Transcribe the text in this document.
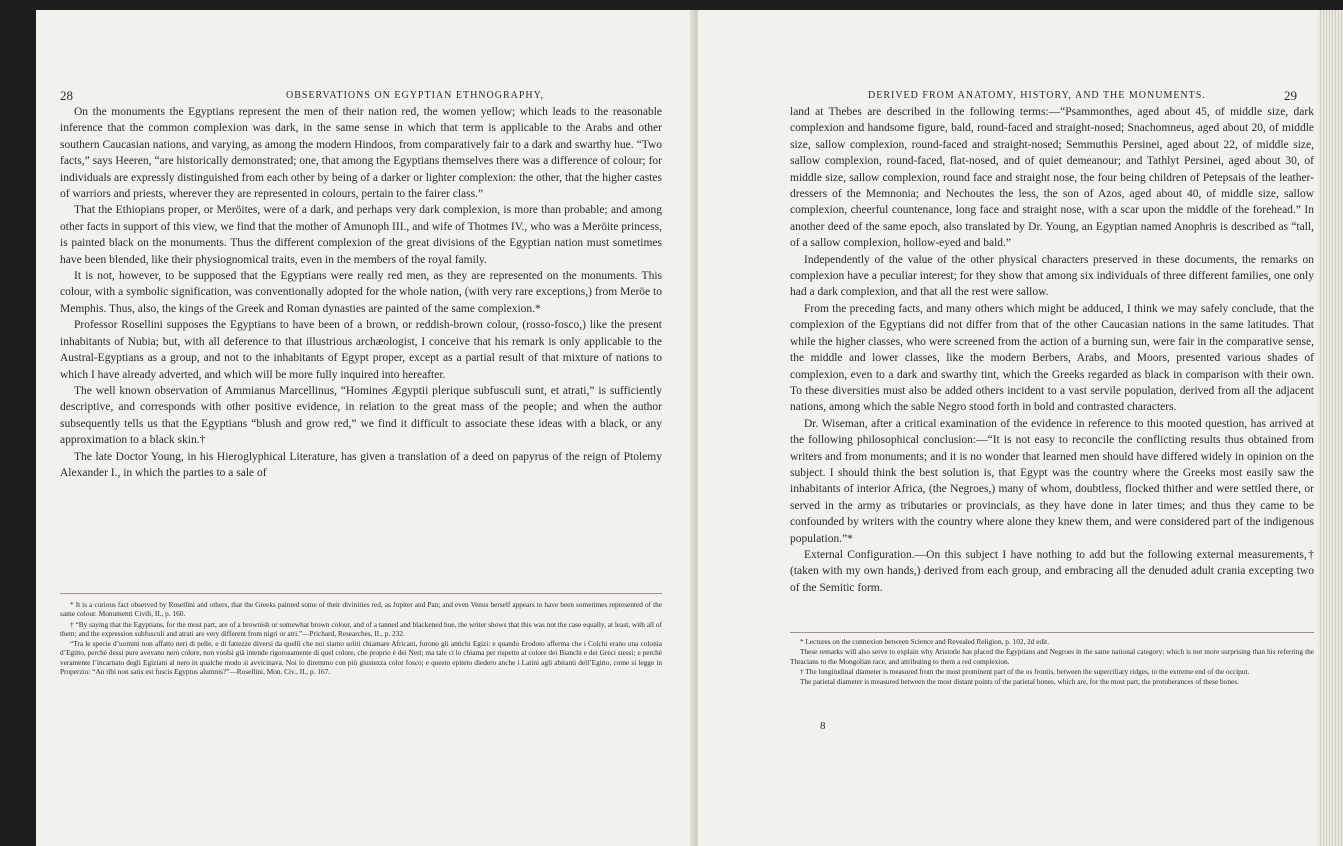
28	OBSERVATIONS ON EGYPTIAN ETHNOGRAPHY,

On the monuments the Egyptians represent the men of their nation red, the women yellow; which leads to the reasonable inference that the common complexion was dark, in the same sense in which that term is applicable to the Arabs and other southern Caucasian nations, and varying, as among the modern Hindoos, from comparatively fair to a dark and swarthy hue. “Two facts,” says Heeren, “are historically demonstrated; one, that among the Egyptians themselves there was a difference of colour; for individuals are expressly distinguished from each other by being of a darker or lighter complexion: the other, that the higher castes of warriors and priests, wherever they are represented in colours, pertain to the fairer class.”

That the Ethiopians proper, or Meröites, were of a dark, and perhaps very dark complexion, is more than probable; and among other facts in support of this view, we find that the mother of Amunoph III., and wife of Thotmes IV., who was a Meröite princess, is painted black on the monuments. Thus the different complexion of the great divisions of the Egyptian nation must sometimes have been blended, like their physiognomical traits, even in the members of the royal family.

It is not, however, to be supposed that the Egyptians were really red men, as they are represented on the monuments. This colour, with a symbolic signification, was conventionally adopted for the whole nation, (with very rare exceptions,) from Meröe to Memphis. Thus, also, the kings of the Greek and Roman dynasties are painted of the same complexion.*

Professor Rosellini supposes the Egyptians to have been of a brown, or reddish-brown colour, (rosso-fosco,) like the present inhabitants of Nubia; but, with all deference to that illustrious archæologist, I conceive that his remark is only applicable to the Austral-Egyptians as a group, and not to the inhabitants of Egypt proper, except as a partial result of that mixture of nations to which I have already adverted, and which will be more fully inquired into hereafter.

The well known observation of Ammianus Marcellinus, “Homines Ægyptii plerique subfusculi sunt, et atrati,” is sufficiently descriptive, and corresponds with other positive evidence, in relation to the great mass of the people; and when the author subsequently tells us that the Egyptians “blush and grow red,” we find it difficult to associate these ideas with a black, or any approximation to a black skin.†

The late Doctor Young, in his Hieroglyphical Literature, has given a translation of a deed on papyrus of the reign of Ptolemy Alexander I., in which the parties to a sale of

* It is a curious fact observed by Rosellini and others, that the Greeks painted some of their divinities red, as Jupiter and Pan; and even Venus herself appears to have been sometimes represented of the same colour. Monumenti Civili, II., p. 160.

† “By saying that the Egyptians, for the most part, are of a brownish or somewhat brown colour, and of a tanned and blackened hue, the writer shows that this was not the case equally, at least, with all of them; and the expression subfusculi and atrati are very different from nigri or atri.”—Prichard, Researches, II., p. 232.

“Tra le specie d’uomini non affatto neri di pelle, e di fattezze diversi da quelli che noi siamo soliti chiamare Africani, furono gli antichi Egizi: e quando Erodoto afferma che i Colchi erano una colonia d’Egitto, perchè dessi pure avevano nero colore, non voolsi già intende rigorosamente di quel colore, che proprio è dei Neri; ma tale ci lo chiama per rispetto al colore dei Bianchi e dei Greci stessi; e perchè veramente l’incarnato degli Egiziani al nero in qualche modo si avvicinava. Noi lo diremmo con più giustezza color fosco; e questo epiteto diedero anche i Latini agli abitanti dell’Egitto, come si legge in Properzio: “An tibi non satis est fuscis Egyptus alumnis?”—Rosellini, Mon. Civ., II., p. 167.

DERIVED FROM ANATOMY, HISTORY, AND THE MONUMENTS.	29

land at Thebes are described in the following terms:—“Psammonthes, aged about 45, of middle size, dark complexion and handsome figure, bald, round-faced and straight-nosed; Snachomneus, aged about 20, of middle size, sallow complexion, round-faced and straight-nosed; Semmuthis Persinei, aged about 22, of middle size, sallow complexion, round-faced, flat-nosed, and of quiet demeanour; and Tathlyt Persinei, aged about 30, of middle size, sallow complexion, round face and straight nose, the four being children of Petepsais of the leather-dressers of the Memnonia; and Nechoutes the less, the son of Azos, aged about 40, of middle size, sallow complexion, cheerful countenance, long face and straight nose, with a scar upon the middle of the forehead.” In another deed of the same epoch, also translated by Dr. Young, an Egyptian named Anophris is described as “tall, of a sallow complexion, hollow-eyed and bald.”

Independently of the value of the other physical characters preserved in these documents, the remarks on complexion have a peculiar interest; for they show that among six individuals of three different families, one only had a dark complexion, and that all the rest were sallow.

From the preceding facts, and many others which might be adduced, I think we may safely conclude, that the complexion of the Egyptians did not differ from that of the other Caucasian nations in the same latitudes. That while the higher classes, who were screened from the action of a burning sun, were fair in the comparative sense, the middle and lower classes, like the modern Berbers, Arabs, and Moors, presented various shades of complexion, even to a dark and swarthy tint, which the Greeks regarded as black in comparison with their own. To these diversities must also be added others incident to a vast servile population, derived from all the adjacent nations, among which the sable Negro stood forth in bold and contrasted characters.

Dr. Wiseman, after a critical examination of the evidence in reference to this mooted question, has arrived at the following philosophical conclusion:—“It is not easy to reconcile the conflicting results thus obtained from writers and from monuments; and it is no wonder that learned men should have differed widely in opinion on the subject. I should think the best solution is, that Egypt was the country where the Greeks most easily saw the inhabitants of interior Africa, (the Negroes,) many of whom, doubtless, flocked thither and were settled there, or served in the army as tributaries or provincials, as they have done in later times; and thus they came to be confounded by writers with the country where alone they knew them, and were considered part of the indigenous population.”*

External Configuration.—On this subject I have nothing to add but the following external measurements,† (taken with my own hands,) derived from each group, and embracing all the denuded adult crania excepting two of the Semitic form.

* Lectures on the connexion between Science and Revealed Religion, p. 102, 2d edit.

These remarks will also serve to explain why Aristotle has placed the Egyptians and Negroes in the same national category; which is not more surprising than his referring the Thracians to the Mongolian race, and attributing to them a red complexion.

† The longitudinal diameter is measured from the most prominent part of the os frontis, between the superciliary ridges, to the extreme end of the occiput.

The parietal diameter is measured between the most distant points of the parietal bones, which are, for the most part, the protuberances of these bones.

8
